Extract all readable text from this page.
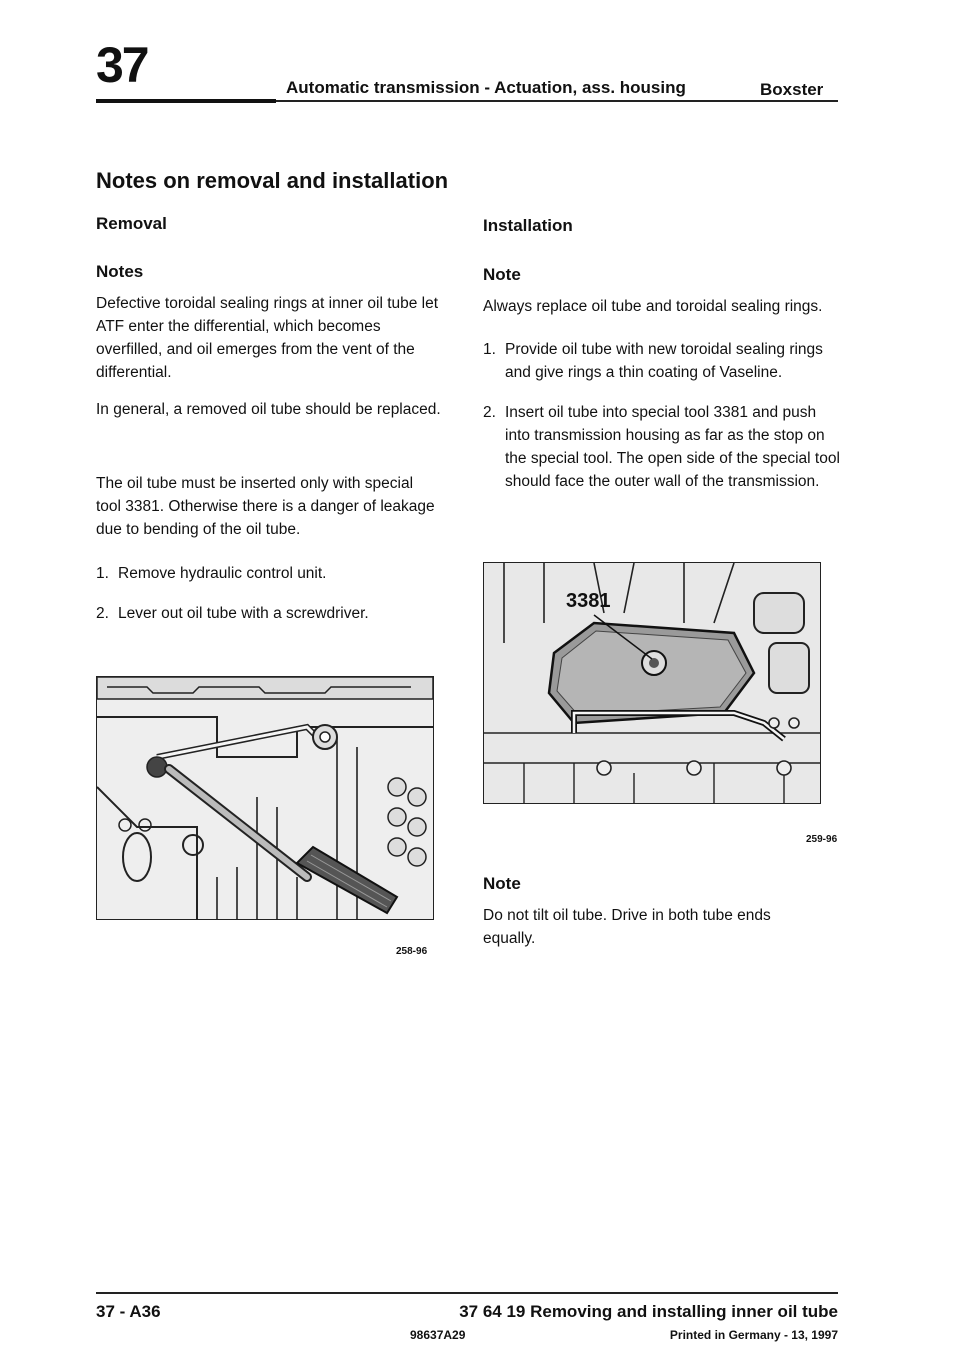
37	Automatic transmission - Actuation, ass. housing	Boxster
Notes on removal and installation
Removal
Notes
Defective toroidal sealing rings at inner oil tube let ATF enter the differential, which becomes overfilled, and oil emerges from the vent of the differential.
In general, a removed oil tube should be replaced.
The oil tube must be inserted only with special tool 3381. Otherwise there is a danger of leakage due to bending of the oil tube.
1. Remove hydraulic control unit.
2. Lever out oil tube with a screwdriver.
258-96
Installation
Note
Always replace oil tube and toroidal sealing rings.
1. Provide oil tube with new toroidal sealing rings and give rings a thin coating of Vaseline.
2. Insert oil tube into special tool 3381 and push into transmission housing as far as the stop on the special tool. The open side of the special tool should face the outer wall of the transmission.
3381
259-96
Note
Do not tilt oil tube. Drive in both tube ends equally.
37 - A36	37 64 19 Removing and installing inner oil tube
98637A29	Printed in Germany - 13, 1997
